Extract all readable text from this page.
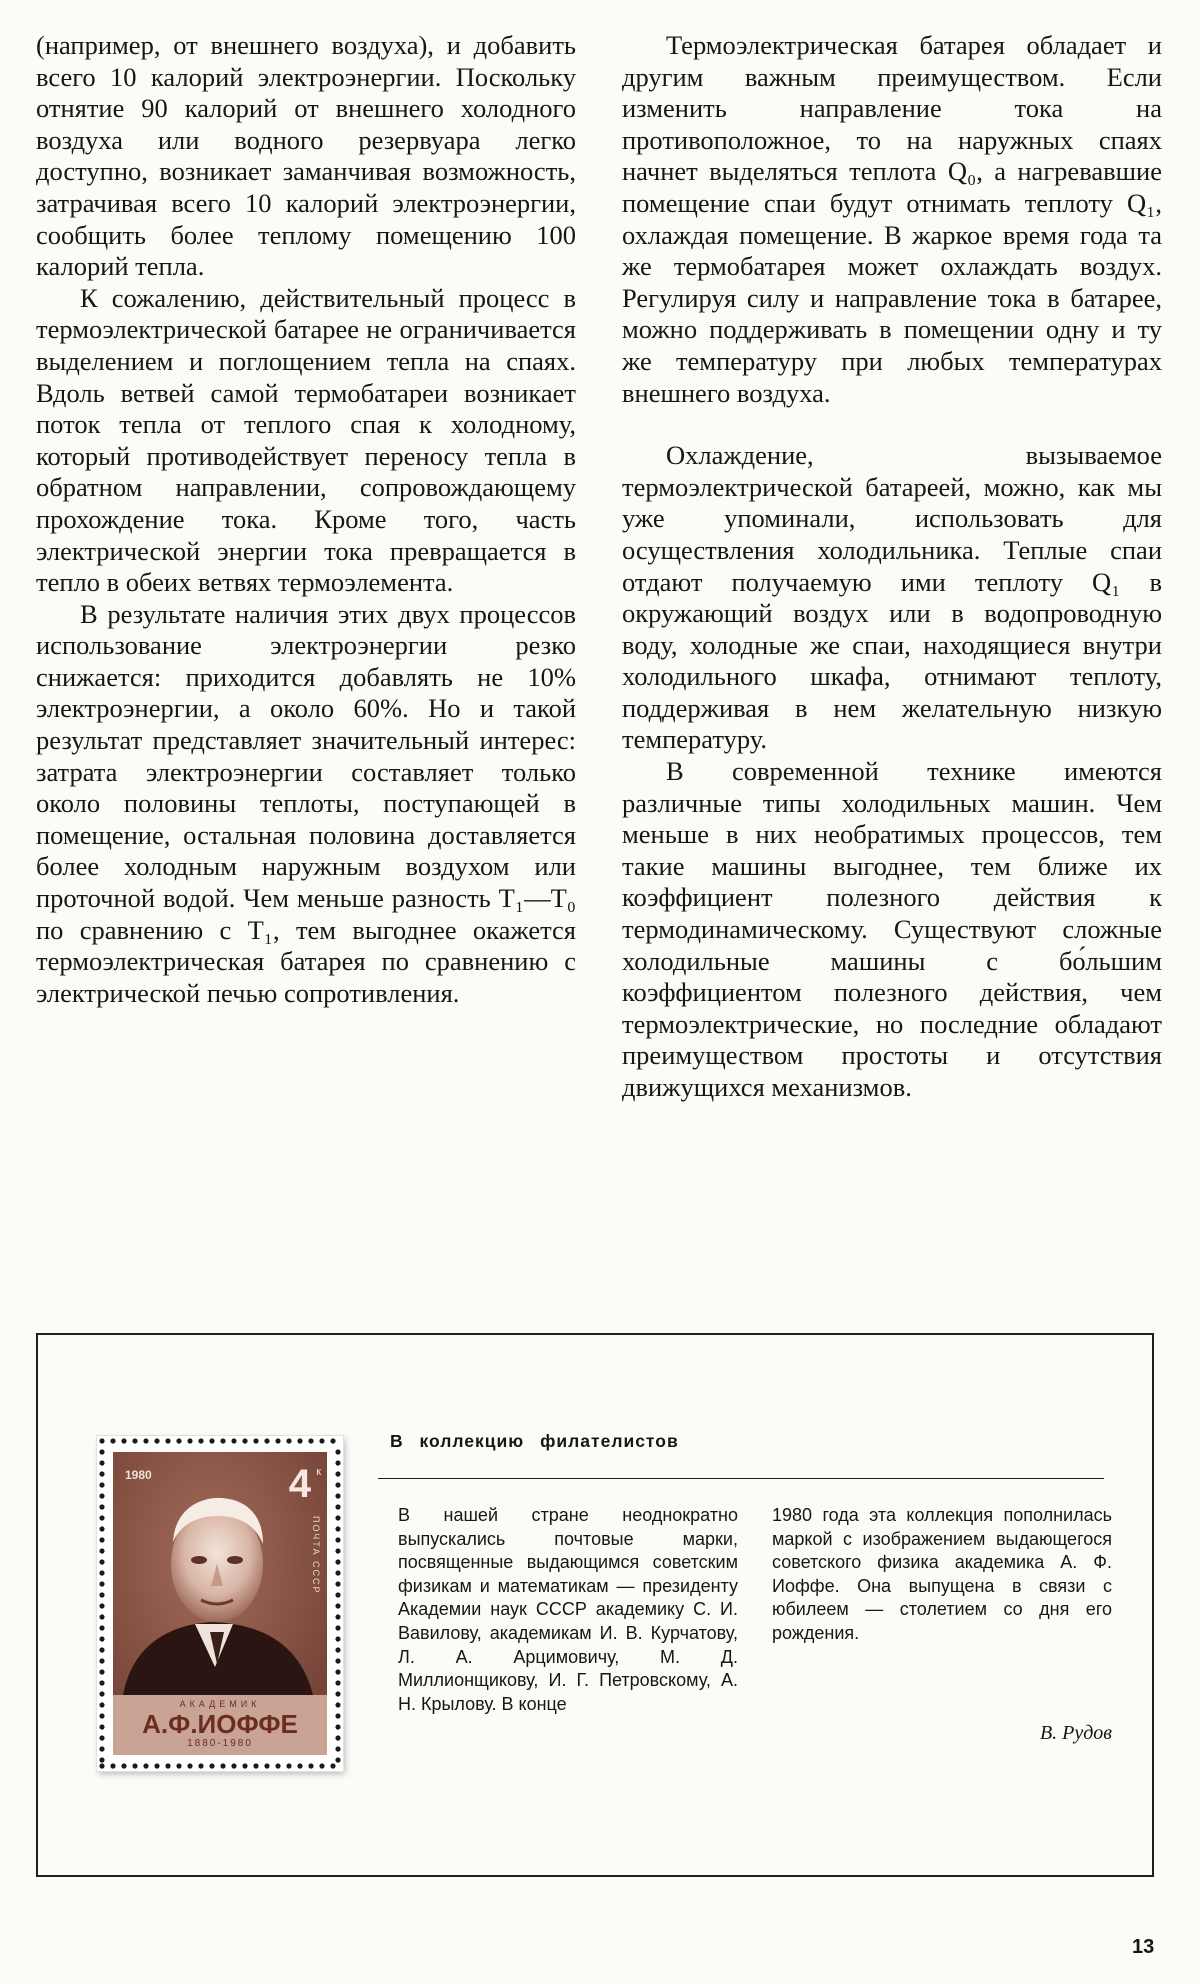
(например, от внешнего воздуха), и добавить всего 10 калорий электроэнергии. Поскольку отнятие 90 калорий от внешнего холодного воздуха или водного резервуара легко доступно, возникает заманчивая возможность, затрачивая всего 10 калорий электроэнергии, сообщить более теплому помещению 100 калорий тепла.

К сожалению, действительный процесс в термоэлектрической батарее не ограничивается выделением и поглощением тепла на спаях. Вдоль ветвей самой термобатареи возникает поток тепла от теплого спая к холодному, который противодействует переносу тепла в обратном направлении, сопровождающему прохождение тока. Кроме того, часть электрической энергии тока превращается в тепло в обеих ветвях термоэлемента.

В результате наличия этих двух процессов использование электроэнергии резко снижается: приходится добавлять не 10% электроэнергии, а около 60%. Но и такой результат представляет значительный интерес: затрата электроэнергии составляет только около половины теплоты, поступающей в помещение, остальная половина доставляется более холодным наружным воздухом или проточной водой. Чем меньше разность T₁—T₀ по сравнению с T₁, тем выгоднее окажется термоэлектрическая батарея по сравнению с электрической печью сопротивления.

Термоэлектрическая батарея обладает и другим важным преимуществом. Если изменить направление тока на противоположное, то на наружных спаях начнет выделяться теплота Q₀, а нагревавшие помещение спаи будут отнимать теплоту Q₁, охлаждая помещение. В жаркое время года та же термобатарея может охлаждать воздух. Регулируя силу и направление тока в батарее, можно поддерживать в помещении одну и ту же температуру при любых температурах внешнего воздуха.

Охлаждение, вызываемое термоэлектрической батареей, можно, как мы уже упоминали, использовать для осуществления холодильника. Теплые спаи отдают получаемую ими теплоту Q₁ в окружающий воздух или в водопроводную воду, холодные же спаи, находящиеся внутри холодильного шкафа, отнимают теплоту, поддерживая в нем желательную низкую температуру.

В современной технике имеются различные типы холодильных машин. Чем меньше в них необратимых процессов, тем такие машины выгоднее, тем ближе их коэффициент полезного действия к термодинамическому. Существуют сложные холодильные машины с бо́льшим коэффициентом полезного действия, чем термоэлектрические, но последние обладают преимуществом простоты и отсутствия движущихся механизмов.

1980	4 к
ПОЧТА СССР
АКАДЕМИК
А.Ф.ИОФФЕ
1880-1980
В коллекцию филателистов

В нашей стране неоднократно выпускались почтовые марки, посвященные выдающимся советским физикам и математикам — президенту Академии наук СССР академику С. И. Вавилову, академикам И. В. Курчатову, Л. А. Арцимовичу, М. Д. Миллионщикову, И. Г. Петровскому, А. Н. Крылову. В конце

1980 года эта коллекция пополнилась маркой с изображением выдающегося советского физика академика А. Ф. Иоффе. Она выпущена в связи с юбилеем — столетием со дня его рождения.

В. Рудов
13
